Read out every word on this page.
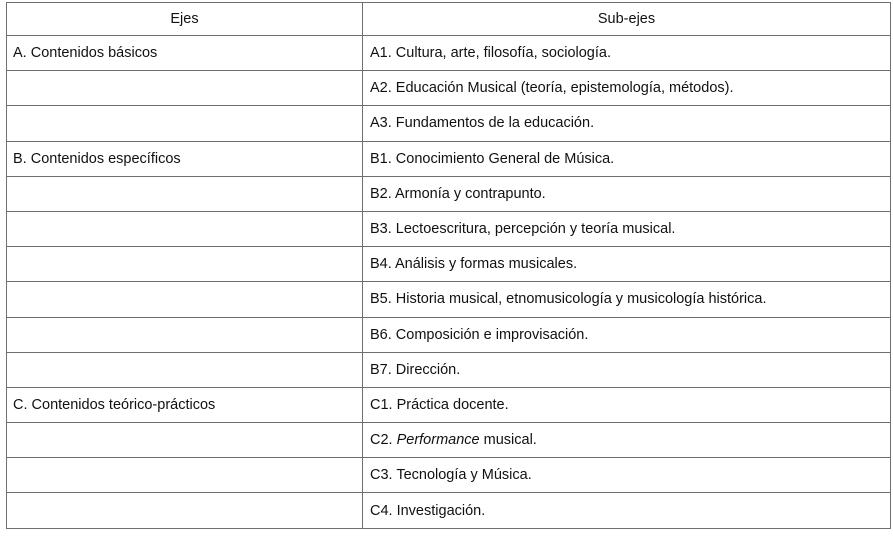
Ejes	Sub-ejes
A. Contenidos básicos	A1. Cultura, arte, filosofía, sociología.
	A2. Educación Musical (teoría, epistemología, métodos).
	A3. Fundamentos de la educación.
B. Contenidos específicos	B1. Conocimiento General de Música.
	B2. Armonía y contrapunto.
	B3. Lectoescritura, percepción y teoría musical.
	B4. Análisis y formas musicales.
	B5. Historia musical, etnomusicología y musicología histórica.
	B6. Composición e improvisación.
	B7. Dirección.
C. Contenidos teórico-prácticos	C1. Práctica docente.
	C2. Performance musical.
	C3. Tecnología y Música.
	C4. Investigación.
